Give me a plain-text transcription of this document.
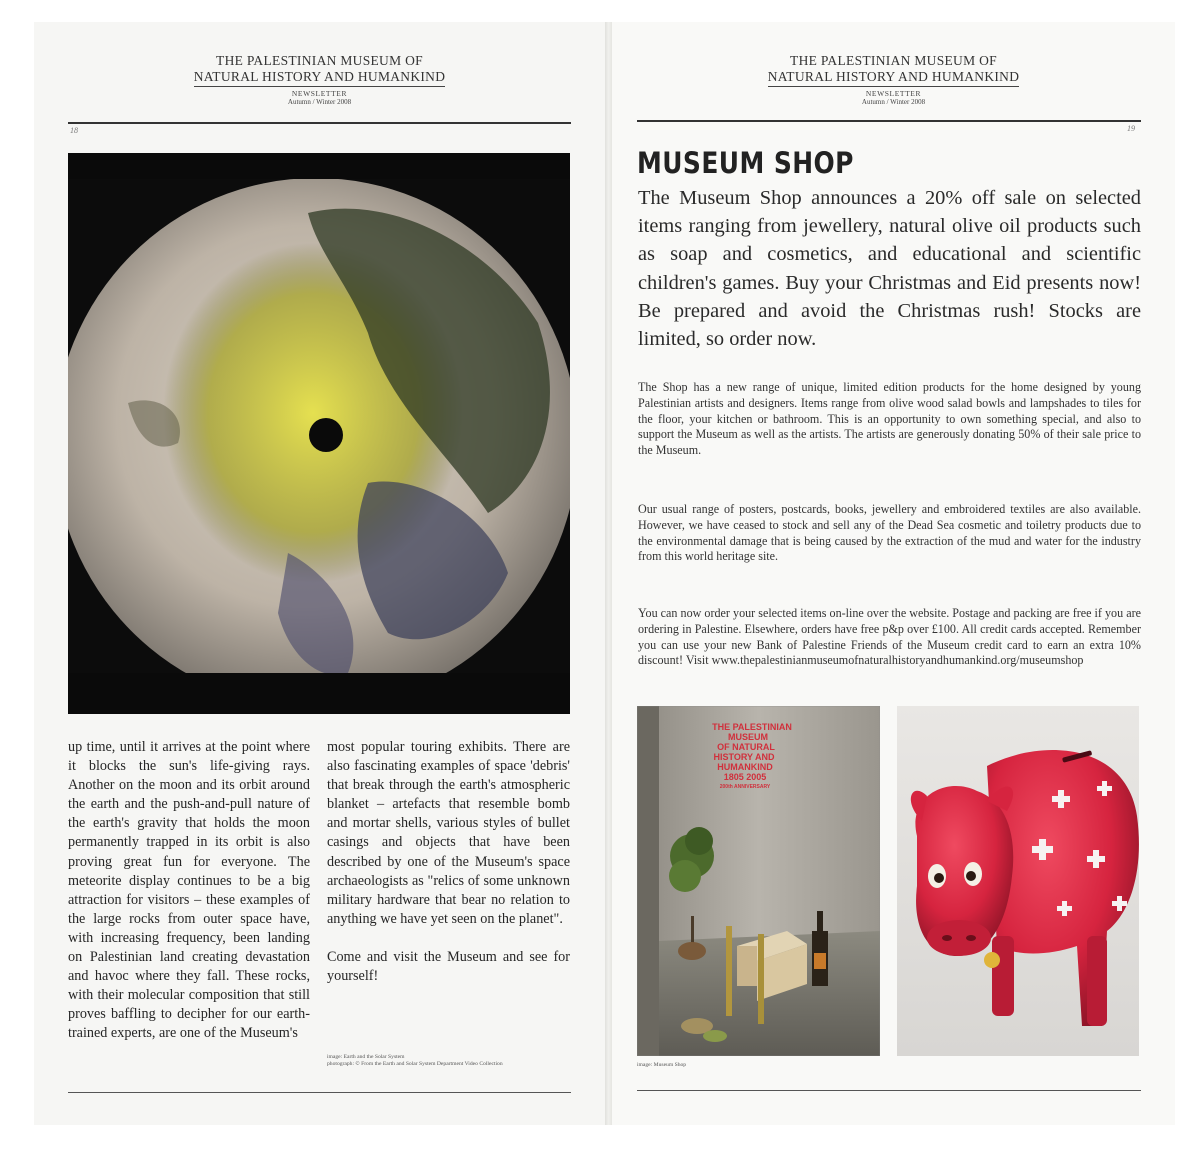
THE PALESTINIAN MUSEUM OF
NATURAL HISTORY AND HUMANKIND
NEWSLETTER
Autumn / Winter 2008
18

up time, until it arrives at the point where it blocks the sun's life-giving rays. Another on the moon and its orbit around the earth and the push-and-pull nature of the earth's gravity that holds the moon permanently trapped in its orbit is also proving great fun for everyone. The meteorite display continues to be a big attraction for visitors – these examples of the large rocks from outer space have, with increasing frequency, been landing on Palestinian land creating devastation and havoc where they fall. These rocks, with their molecular composition that still proves baffling to decipher for our earth-trained experts, are one of the Museum's

most popular touring exhibits. There are also fascinating examples of space 'debris' that break through the earth's atmospheric blanket – artefacts that resemble bomb and mortar shells, various styles of bullet casings and objects that have been described by one of the Museum's space archaeologists as "relics of some unknown military hardware that bear no relation to anything we have yet seen on the planet".

Come and visit the Museum and see for yourself!

image: Earth and the Solar System
photograph: © From the Earth and Solar System Department Video Collection
THE PALESTINIAN MUSEUM OF
NATURAL HISTORY AND HUMANKIND
NEWSLETTER
Autumn / Winter 2008
19
MUSEUM SHOP
The Museum Shop announces a 20% off sale on selected items ranging from jewellery, natural olive oil products such as soap and cosmetics, and educational and scientific children's games. Buy your Christmas and Eid presents now! Be prepared and avoid the Christmas rush! Stocks are limited, so order now.
The Shop has a new range of unique, limited edition products for the home designed by young Palestinian artists and designers. Items range from olive wood salad bowls and lampshades to tiles for the floor, your kitchen or bathroom. This is an opportunity to own something special, and also to support the Museum as well as the artists. The artists are generously donating 50% of their sale price to the Museum.
Our usual range of posters, postcards, books, jewellery and embroidered textiles are also available. However, we have ceased to stock and sell any of the Dead Sea cosmetic and toiletry products due to the environmental damage that is being caused by the extraction of the mud and water for the industry from this world heritage site.
You can now order your selected items on-line over the website. Postage and packing are free if you are ordering in Palestine. Elsewhere, orders have free p&p over £100. All credit cards accepted. Remember you can use your new Bank of Palestine Friends of the Museum credit card to earn an extra 10% discount! Visit www.thepalestinianmuseumofnaturalhistoryandhumankind.org/museumshop
THE PALESTINIAN
MUSEUM
OF NATURAL
HISTORY AND
HUMANKIND
1805 2005
200th ANNIVERSARY
image: Museum Shop
